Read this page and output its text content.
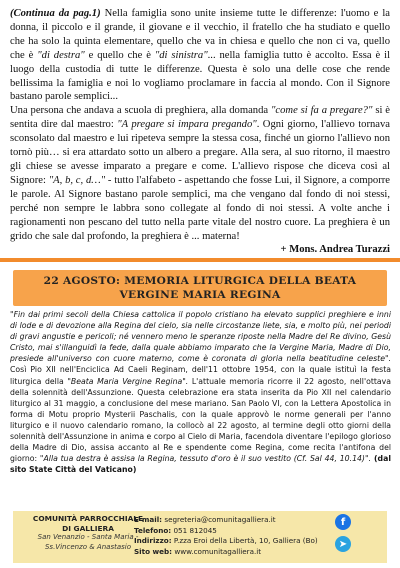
(Continua da pag.1) Nella famiglia sono unite insieme tutte le differenze: l'uomo e la donna, il piccolo e il grande, il giovane e il vecchio, il fratello che ha studiato e quello che ha solo la quinta elementare, quello che va in chiesa e quello che non ci va, quello che è "di destra" e quello che è "di sinistra"... nella famiglia tutto è accolto. Essa è il luogo della custodia di tutte le differenze. Questa è solo una delle cose che rende bellissima la famiglia e noi lo vogliamo proclamare in faccia al mondo. Con il Signore bastano parole semplici...

Una persona che andava a scuola di preghiera, alla domanda "come si fa a pregare?" si è sentita dire dal maestro: "A pregare si impara pregando". Ogni giorno, l'allievo tornava sconsolato dal maestro e lui ripeteva sempre la stessa cosa, finché un giorno l'allievo non tornò più… si era attardato sotto un albero a pregare. Alla sera, al suo ritorno, il maestro gli chiese se avesse imparato a pregare e come. L'allievo rispose che diceva così al Signore: "A, b, c, d…" - tutto l'alfabeto - aspettando che fosse Lui, il Signore, a comporre le parole. Al Signore bastano parole semplici, ma che vengano dal fondo di noi stessi, perché non sempre le labbra sono collegate al fondo di noi stessi. A volte anche i ragionamenti non pescano del tutto nella parte vitale del nostro cuore. La preghiera è un grido che sale dal profondo, la preghiera è ... materna!

+ Mons. Andrea Turazzi

22 AGOSTO: MEMORIA LITURGICA DELLA BEATA
VERGINE MARIA REGINA
"Fin dai primi secoli della Chiesa cattolica il popolo cristiano ha elevato supplici preghiere e inni di lode e di devozione alla Regina del cielo, sia nelle circostanze liete, sia, e molto più, nei periodi di gravi angustie e pericoli; né vennero meno le speranze riposte nella Madre del Re divino, Gesù Cristo, mai s'illanguidì la fede, dalla quale abbiamo imparato che la Vergine Maria, Madre di Dio, presiede all'universo con cuore materno, come è coronata di gloria nella beatitudine celeste". Così Pio XII nell'Enciclica Ad Caeli Reginam, dell'11 ottobre 1954, con la quale istituì la festa liturgica della "Beata Maria Vergine Regina". L'attuale memoria ricorre il 22 agosto, nell'ottava della solennità dell'Assunzione. Questa celebrazione era stata inserita da Pio XII nel calendario liturgico al 31 maggio, a conclusione del mese mariano. San Paolo VI, con la Lettera Apostolica in forma di Motu proprio Mysterii Paschalis, con la quale approvò le norme generali per l'anno liturgico e il nuovo calendario romano, la collocò al 22 agosto, al termine degli otto giorni della solennità dell'Assunzione in anima e corpo al Cielo di Maria, facendola diventare l'epilogo glorioso della Madre di Dio, assisa accanto al Re e spendente come Regina, come recita l'antifona del giorno: "Alla tua destra è assisa la Regina, tessuto d'oro è il suo vestito (Cf. Sal 44, 10.14)". (dal sito State Città del Vaticano)
COMUNITÀ PARROCCHIALE
DI GALLIERA
San Venanzio - Santa Maria -
Ss.Vincenzo & Anastasio
E-mail: segreteria@comunitagalliera.it
Telefono: 051 812045
Indirizzo: P.zza Eroi della Libertà, 10, Galliera (Bo)
Sito web: www.comunitagalliera.it
f
➤
